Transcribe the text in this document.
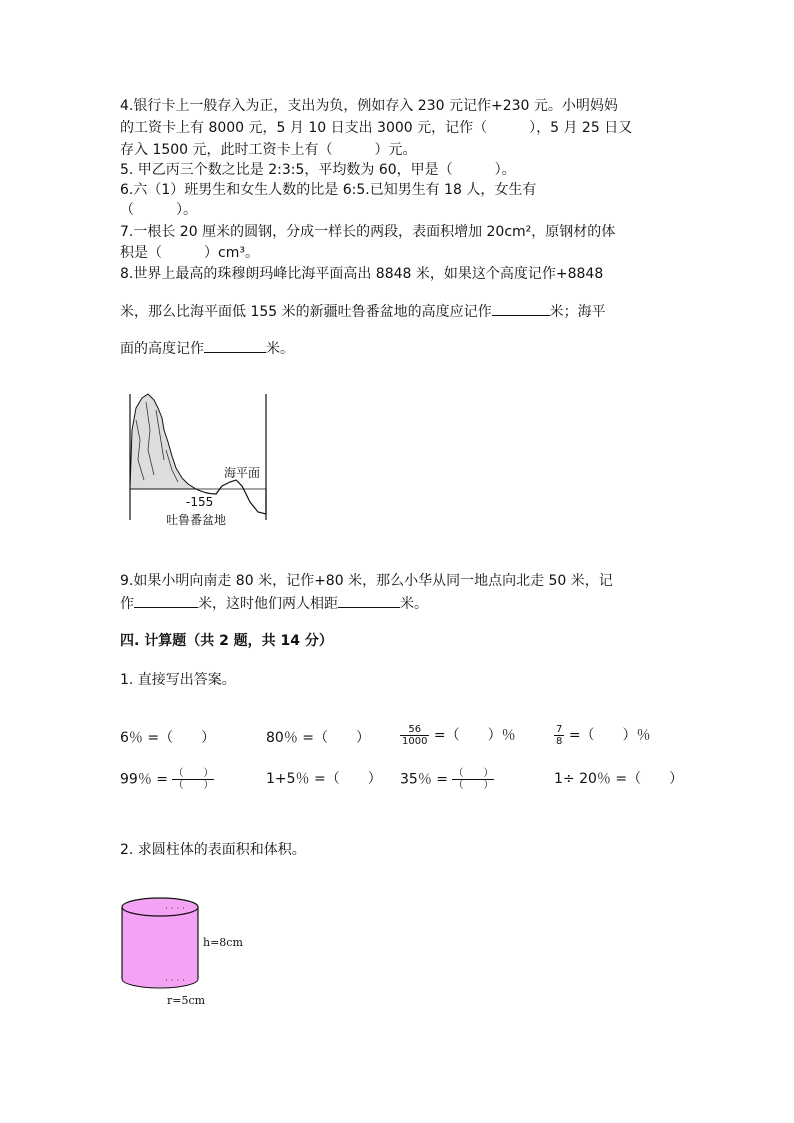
4.银行卡上一般存入为正，支出为负，例如存入 230 元记作+230 元。小明妈妈
的工资卡上有 8000 元，5 月 10 日支出 3000 元，记作（　　　），5 月 25 日又
存入 1500 元，此时工资卡上有（　　　）元。
5. 甲乙丙三个数之比是 2:3:5，平均数为 60，甲是（　　　）。
6.六（1）班男生和女生人数的比是 6:5.已知男生有 18 人，女生有
（　　　）。
7.一根长 20 厘米的圆钢，分成一样长的两段，表面积增加 20cm²，原钢材的体
积是（　　　）cm³。
8.世界上最高的珠穆朗玛峰比海平面高出 8848 米，如果这个高度记作+8848
米，那么比海平面低 155 米的新疆吐鲁番盆地的高度应记作	米；海平
面的高度记作	米。
海平面
-155
吐鲁番盆地
9.如果小明向南走 80 米，记作+80 米，那么小华从同一地点向北走 50 米，记
作	米，这时他们两人相距	米。
四. 计算题（共 2 题，共 14 分）
1. 直接写出答案。
6％ =（　　）	80％ =（　　）	$\frac{56}{1000}$ =（　　）％	$\frac{7}{8}$ =（　　）％
99％ = $\frac{( )}{( )}$	1+5％ =（　　） 35％ = $\frac{( )}{( )}$	1÷ 20％ =（　　）
2. 求圆柱体的表面积和体积。
· · · ·
· · · ·
h=8cm
r=5cm
